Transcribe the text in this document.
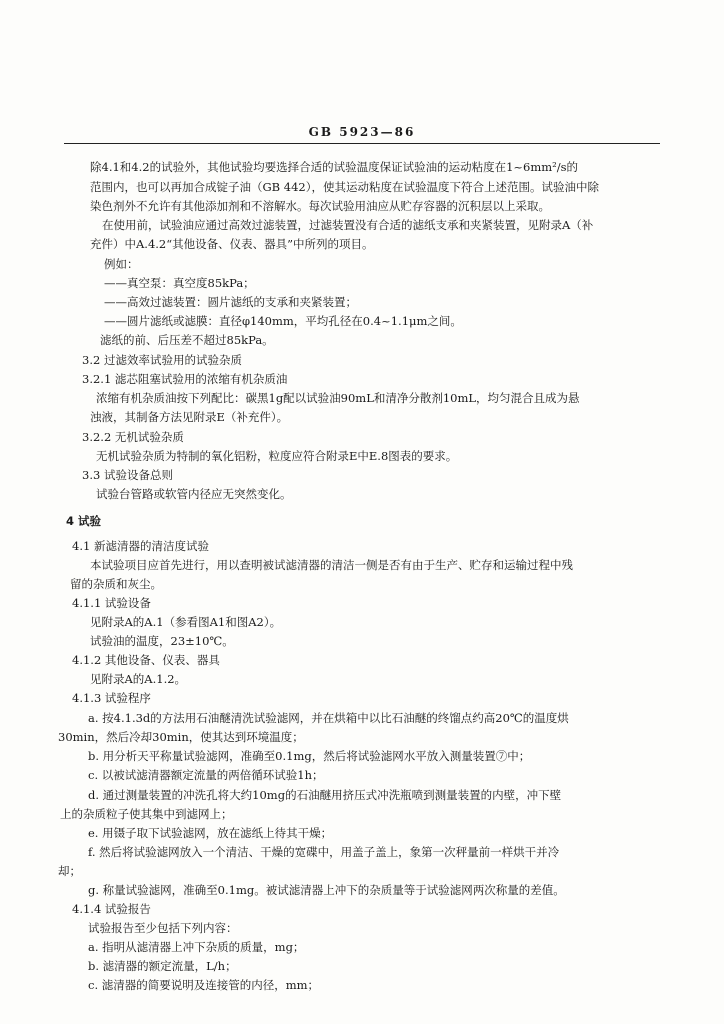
GB 5923—86
除4.1和4.2的试验外，其他试验均要选择合适的试验温度保证试验油的运动粘度在1~6mm²/s的
范围内，也可以再加合成锭子油（GB 442），使其运动粘度在试验温度下符合上述范围。试验油中除
染色剂外不允许有其他添加剂和不溶解水。每次试验用油应从贮存容器的沉积层以上采取。
在使用前，试验油应通过高效过滤装置，过滤装置没有合适的滤纸支承和夹紧装置，见附录A（补
充件）中A.4.2“其他设备、仪表、器具”中所列的项目。
例如：
——真空泵：真空度85kPa；
——高效过滤装置：圆片滤纸的支承和夹紧装置；
——圆片滤纸或滤膜：直径φ140mm，平均孔径在0.4~1.1μm之间。
滤纸的前、后压差不超过85kPa。
3.2 过滤效率试验用的试验杂质
3.2.1 滤芯阻塞试验用的浓缩有机杂质油
浓缩有机杂质油按下列配比：碳黑1g配以试验油90mL和清净分散剂10mL，均匀混合且成为悬
浊液，其制备方法见附录E（补充件）。
3.2.2 无机试验杂质
无机试验杂质为特制的氧化铝粉，粒度应符合附录E中E.8图表的要求。
3.3 试验设备总则
试验台管路或软管内径应无突然变化。
4 试验
4.1 新滤清器的清洁度试验
本试验项目应首先进行，用以查明被试滤清器的清洁一侧是否有由于生产、贮存和运输过程中残
留的杂质和灰尘。
4.1.1 试验设备
见附录A的A.1（参看图A1和图A2）。
试验油的温度，23±10℃。
4.1.2 其他设备、仪表、器具
见附录A的A.1.2。
4.1.3 试验程序
a. 按4.1.3d的方法用石油醚清洗试验滤网，并在烘箱中以比石油醚的终馏点约高20℃的温度烘
30min，然后冷却30min，使其达到环境温度；
b. 用分析天平称量试验滤网，准确至0.1mg，然后将试验滤网水平放入测量装置⑦中；
c. 以被试滤清器额定流量的两倍循环试验1h；
d. 通过测量装置的冲洗孔将大约10mg的石油醚用挤压式冲洗瓶喷到测量装置的内壁，冲下壁
上的杂质粒子使其集中到滤网上；
e. 用镊子取下试验滤网，放在滤纸上待其干燥；
f. 然后将试验滤网放入一个清洁、干燥的宽碟中，用盖子盖上，象第一次秤量前一样烘干并冷
却；
g. 称量试验滤网，准确至0.1mg。被试滤清器上冲下的杂质量等于试验滤网两次称量的差值。
4.1.4 试验报告
试验报告至少包括下列内容：
a. 指明从滤清器上冲下杂质的质量，mg；
b. 滤清器的额定流量，L/h；
c. 滤清器的简要说明及连接管的内径，mm；
